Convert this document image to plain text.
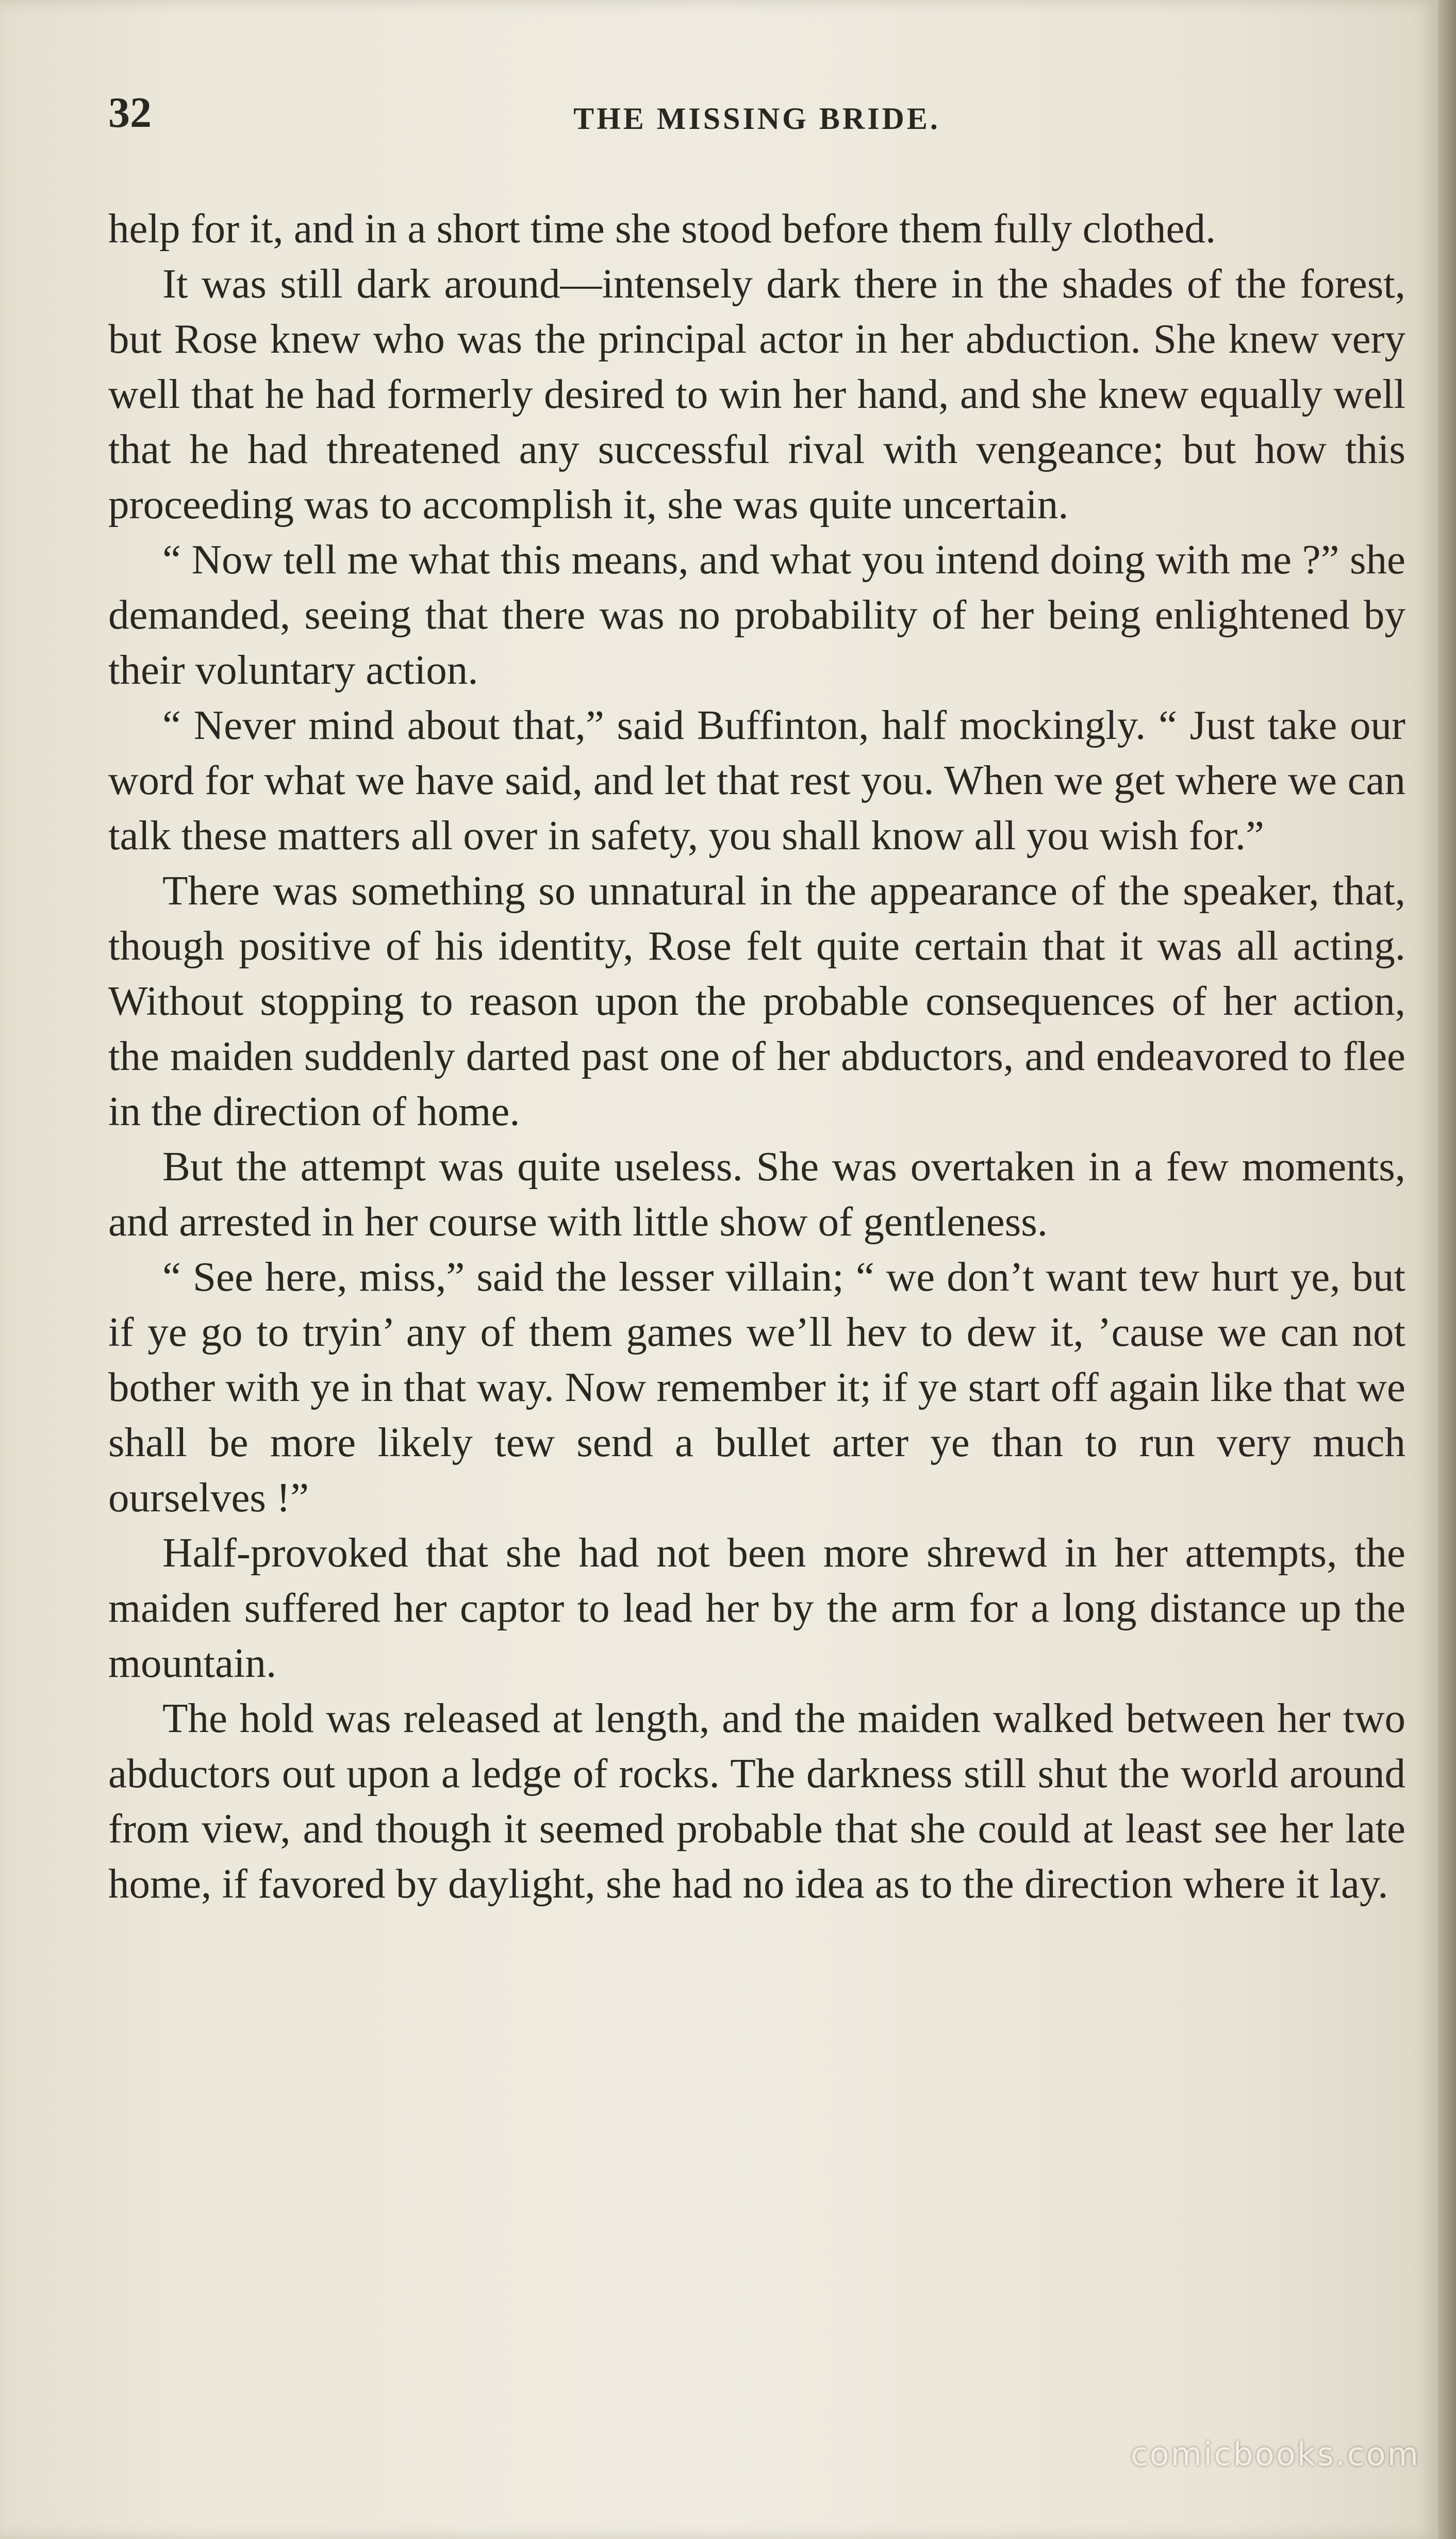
32	THE MISSING BRIDE.

help for it, and in a short time she stood before them fully clothed.

It was still dark around—intensely dark there in the shades of the forest, but Rose knew who was the principal actor in her abduction. She knew very well that he had formerly desired to win her hand, and she knew equally well that he had threatened any successful rival with vengeance; but how this proceeding was to accomplish it, she was quite uncertain.

“ Now tell me what this means, and what you intend doing with me ?” she demanded, seeing that there was no probability of her being enlightened by their voluntary action.

“ Never mind about that,” said Buffinton, half mockingly. “ Just take our word for what we have said, and let that rest you. When we get where we can talk these matters all over in safety, you shall know all you wish for.”

There was something so unnatural in the appearance of the speaker, that, though positive of his identity, Rose felt quite certain that it was all acting. Without stopping to reason upon the probable consequences of her action, the maiden suddenly darted past one of her abductors, and endeavored to flee in the direction of home.

But the attempt was quite useless. She was overtaken in a few moments, and arrested in her course with little show of gentleness.

“ See here, miss,” said the lesser villain; “ we don’t want tew hurt ye, but if ye go to tryin’ any of them games we’ll hev to dew it, ’cause we can not bother with ye in that way. Now remember it; if ye start off again like that we shall be more likely tew send a bullet arter ye than to run very much ourselves !”

Half-provoked that she had not been more shrewd in her attempts, the maiden suffered her captor to lead her by the arm for a long distance up the mountain.

The hold was released at length, and the maiden walked between her two abductors out upon a ledge of rocks. The darkness still shut the world around from view, and though it seemed probable that she could at least see her late home, if favored by daylight, she had no idea as to the direction where it lay.

comicbooks.com
